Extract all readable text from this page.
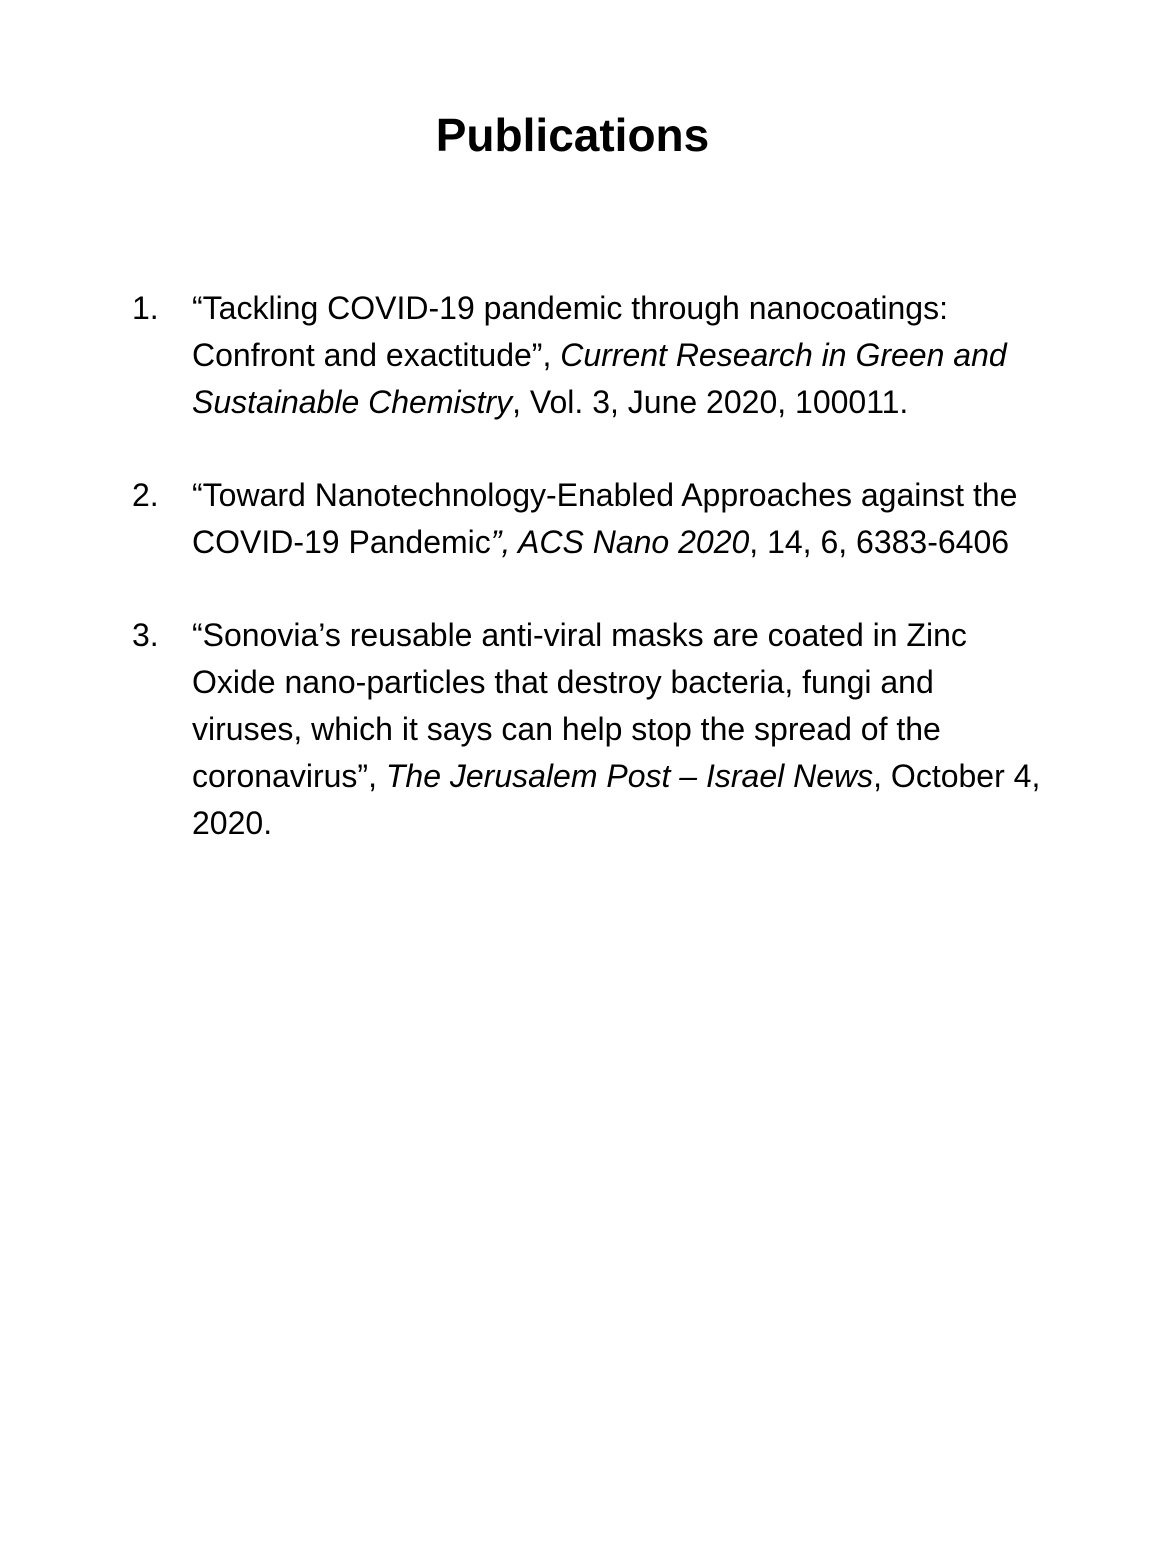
Publications
1. “Tackling COVID-19 pandemic through nanocoatings: Confront and exactitude”, Current Research in Green and Sustainable Chemistry, Vol. 3, June 2020, 100011.
2. “Toward Nanotechnology-Enabled Approaches against the COVID-19 Pandemic”, ACS Nano 2020, 14, 6, 6383-6406
3. “Sonovia’s reusable anti-viral masks are coated in Zinc Oxide nano-particles that destroy bacteria, fungi and viruses, which it says can help stop the spread of the coronavirus”, The Jerusalem Post – Israel News, October 4, 2020.
